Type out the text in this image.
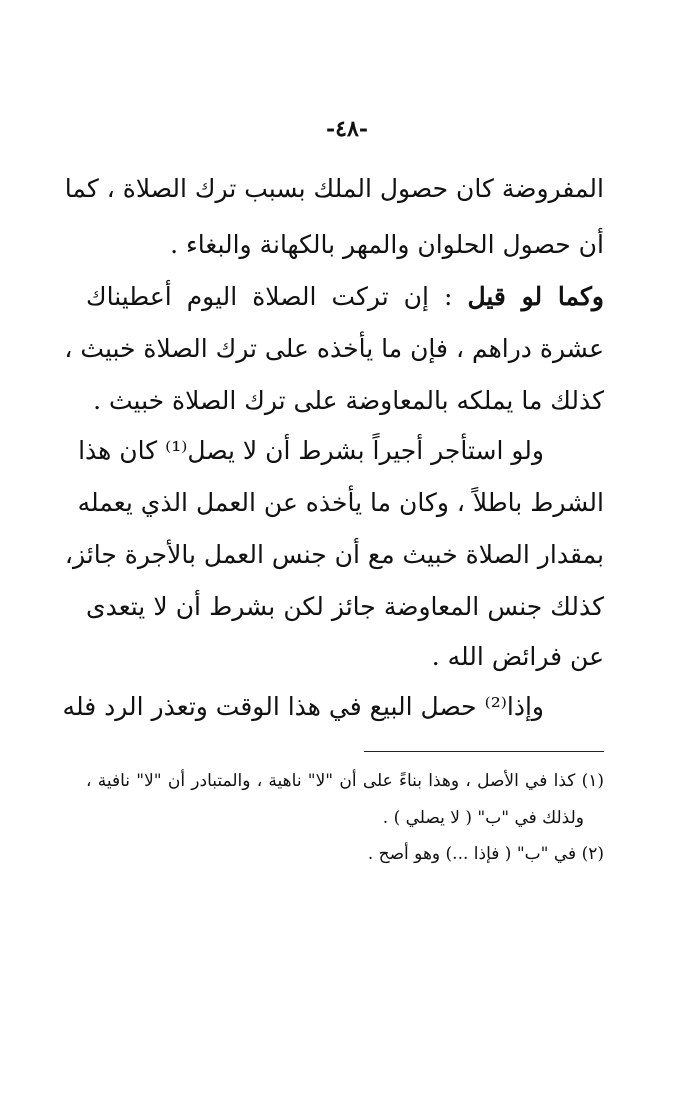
-٤٨-
المفروضة كان حصول الملك بسبب ترك الصلاة ، كما
أن حصول الحلوان والمهر بالكهانة والبغاء .
وكما لو قيل : إن تركت الصلاة اليوم أعطيناك
عشرة دراهم ، فإن ما يأخذه على ترك الصلاة خبيث ،
كذلك ما يملكه بالمعاوضة على ترك الصلاة خبيث .
ولو استأجر أجيراً بشرط أن لا يصل⁽¹⁾ كان هذا
الشرط باطلاً ، وكان ما يأخذه عن العمل الذي يعمله
بمقدار الصلاة خبيث مع أن جنس العمل بالأجرة جائز،
كذلك جنس المعاوضة جائز لكن بشرط أن لا يتعدى
عن فرائض الله .
وإذا⁽²⁾ حصل البيع في هذا الوقت وتعذر الرد فله
(١) كذا في الأصل ، وهذا بناءً على أن "لا" ناهية ، والمتبادر أن "لا" نافية ،
ولذلك في "ب" ( لا يصلي ) .
(٢) في "ب" ( فإذا ...) وهو أصح .
